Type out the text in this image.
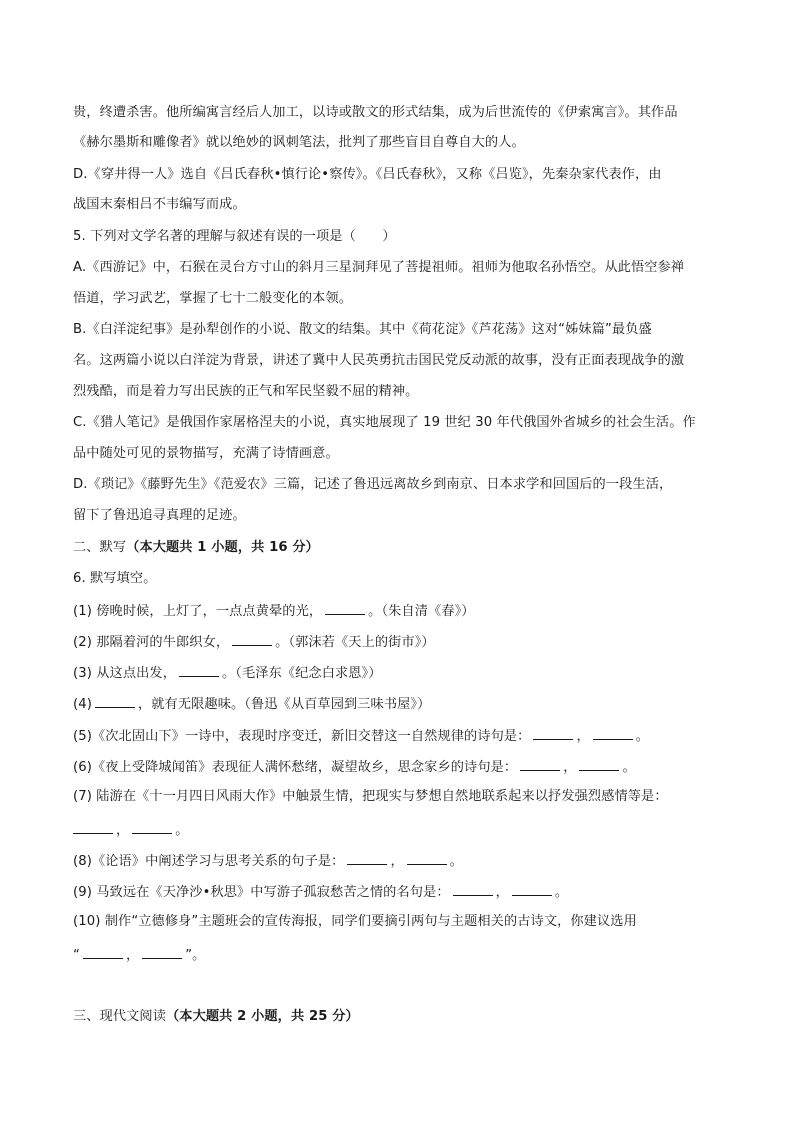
贵，终遭杀害。他所编寓言经后人加工，以诗或散文的形式结集，成为后世流传的《伊索寓言》。其作品
《赫尔墨斯和雕像者》就以绝妙的讽刺笔法，批判了那些盲目自尊自大的人。
D.《穿井得一人》选自《吕氏春秋•慎行论•察传》。《吕氏春秋》，又称《吕览》，先秦杂家代表作，由
战国末秦相吕不韦编写而成。
5. 下列对文学名著的理解与叙述有误的一项是（　　）
A.《西游记》中，石猴在灵台方寸山的斜月三星洞拜见了菩提祖师。祖师为他取名孙悟空。从此悟空参禅
悟道，学习武艺，掌握了七十二般变化的本领。
B.《白洋淀纪事》是孙犁创作的小说、散文的结集。其中《荷花淀》《芦花荡》这对“姊妹篇”最负盛
名。这两篇小说以白洋淀为背景，讲述了冀中人民英勇抗击国民党反动派的故事，没有正面表现战争的激
烈残酷，而是着力写出民族的正气和军民坚毅不屈的精神。
C.《猎人笔记》是俄国作家屠格涅夫的小说，真实地展现了 19 世纪 30 年代俄国外省城乡的社会生活。作
品中随处可见的景物描写，充满了诗情画意。
D.《琐记》《藤野先生》《范爱农》三篇，记述了鲁迅远离故乡到南京、日本求学和回国后的一段生活，
留下了鲁迅追寻真理的足迹。
二、默写（本大题共 1 小题，共 16 分）
6. 默写填空。
(1) 傍晚时候，上灯了，一点点黄晕的光，	。（朱自清《春》）
(2) 那隔着河的牛郎织女，	。（郭沫若《天上的街市》）
(3) 从这点出发，	。（毛泽东《纪念白求恩》）
(4)	，就有无限趣味。（鲁迅《从百草园到三味书屋》）
(5)《次北固山下》一诗中，表现时序变迁，新旧交替这一自然规律的诗句是：	，	。
(6)《夜上受降城闻笛》表现征人满怀愁绪，凝望故乡，思念家乡的诗句是：	，	。
(7) 陆游在《十一月四日风雨大作》中触景生情，把现实与梦想自然地联系起来以抒发强烈感情等是：
，	。
(8)《论语》中阐述学习与思考关系的句子是：	，	。
(9) 马致远在《天净沙•秋思》中写游子孤寂愁苦之情的名句是：	，	。
(10) 制作“立德修身”主题班会的宣传海报，同学们要摘引两句与主题相关的古诗文，你建议选用
“	，	”。
三、现代文阅读（本大题共 2 小题，共 25 分）
